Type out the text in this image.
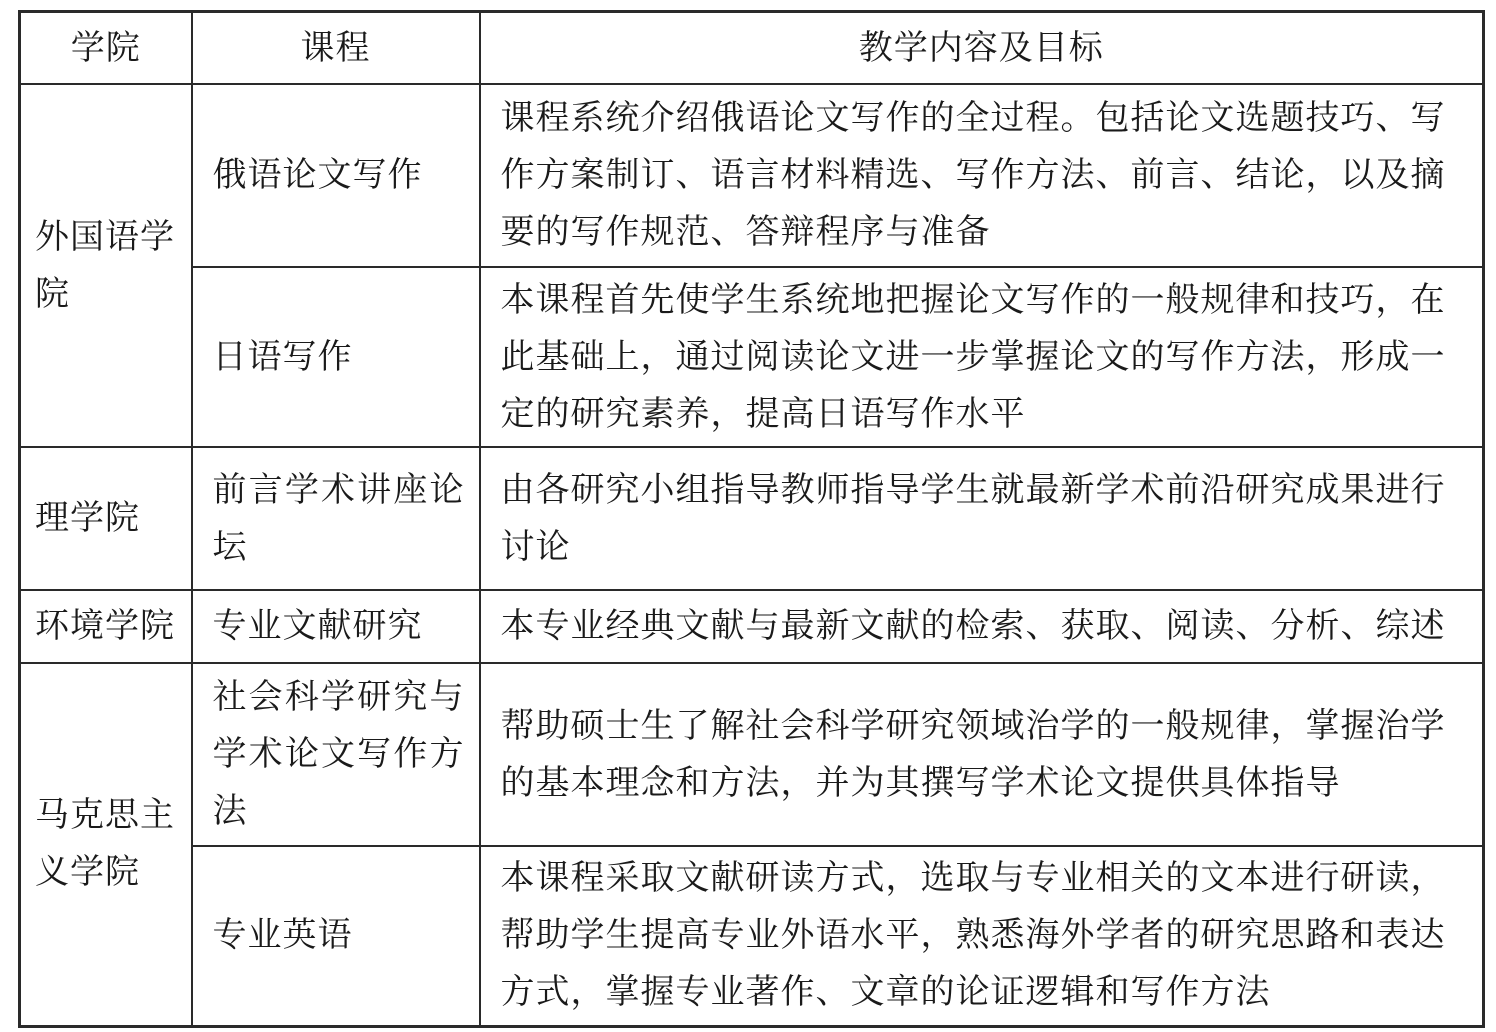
学院	课程	教学内容及目标
外国语学院	俄语论文写作	课程系统介绍俄语论文写作的全过程。包括论文选题技巧、写作方案制订、语言材料精选、写作方法、前言、结论，以及摘要的写作规范、答辩程序与准备
	日语写作	本课程首先使学生系统地把握论文写作的一般规律和技巧，在此基础上，通过阅读论文进一步掌握论文的写作方法，形成一定的研究素养，提高日语写作水平
理学院	前言学术讲座论坛	由各研究小组指导教师指导学生就最新学术前沿研究成果进行讨论
环境学院	专业文献研究	本专业经典文献与最新文献的检索、获取、阅读、分析、综述
马克思主义学院	社会科学研究与学术论文写作方法	帮助硕士生了解社会科学研究领域治学的一般规律，掌握治学的基本理念和方法，并为其撰写学术论文提供具体指导
	专业英语	本课程采取文献研读方式，选取与专业相关的文本进行研读，帮助学生提高专业外语水平，熟悉海外学者的研究思路和表达方式，掌握专业著作、文章的论证逻辑和写作方法
